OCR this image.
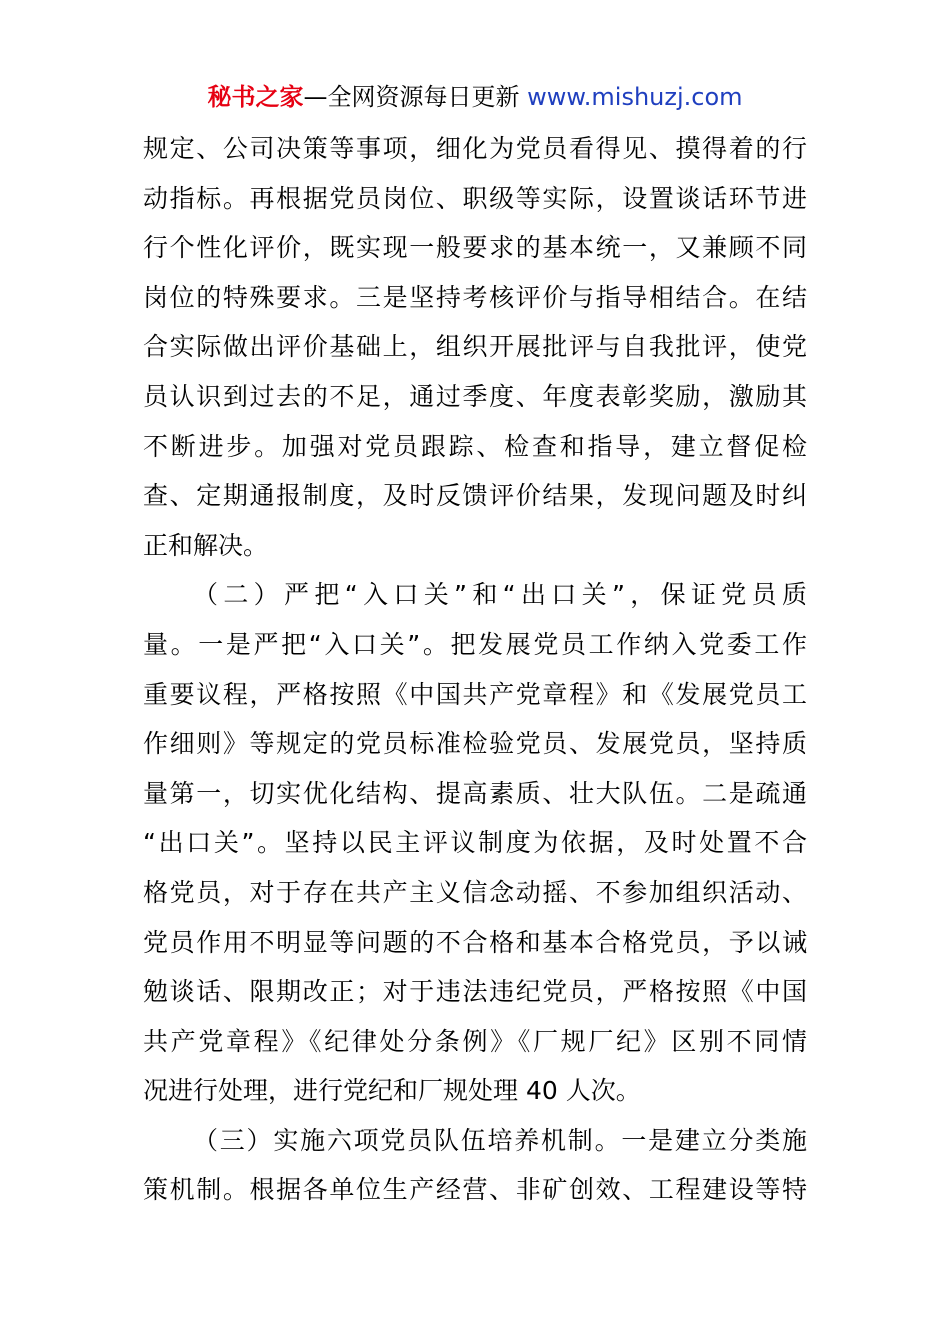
秘书之家—全网资源每日更新 www.mishuzj.com
规定、公司决策等事项，细化为党员看得见、摸得着的行
动指标。再根据党员岗位、职级等实际，设置谈话环节进
行个性化评价，既实现一般要求的基本统一，又兼顾不同
岗位的特殊要求。三是坚持考核评价与指导相结合。在结
合实际做出评价基础上，组织开展批评与自我批评，使党
员认识到过去的不足，通过季度、年度表彰奖励，激励其
不断进步。加强对党员跟踪、检查和指导，建立督促检
查、定期通报制度，及时反馈评价结果，发现问题及时纠
正和解决。
（二）严把“入口关”和“出口关”，保证党员质
量。一是严把“入口关”。把发展党员工作纳入党委工作
重要议程，严格按照《中国共产党章程》和《发展党员工
作细则》等规定的党员标准检验党员、发展党员，坚持质
量第一，切实优化结构、提高素质、壮大队伍。二是疏通
“出口关”。坚持以民主评议制度为依据，及时处置不合
格党员，对于存在共产主义信念动摇、不参加组织活动、
党员作用不明显等问题的不合格和基本合格党员，予以诫
勉谈话、限期改正；对于违法违纪党员，严格按照《中国
共产党章程》《纪律处分条例》《厂规厂纪》区别不同情
况进行处理，进行党纪和厂规处理 40 人次。
（三）实施六项党员队伍培养机制。一是建立分类施
策机制。根据各单位生产经营、非矿创效、工程建设等特
